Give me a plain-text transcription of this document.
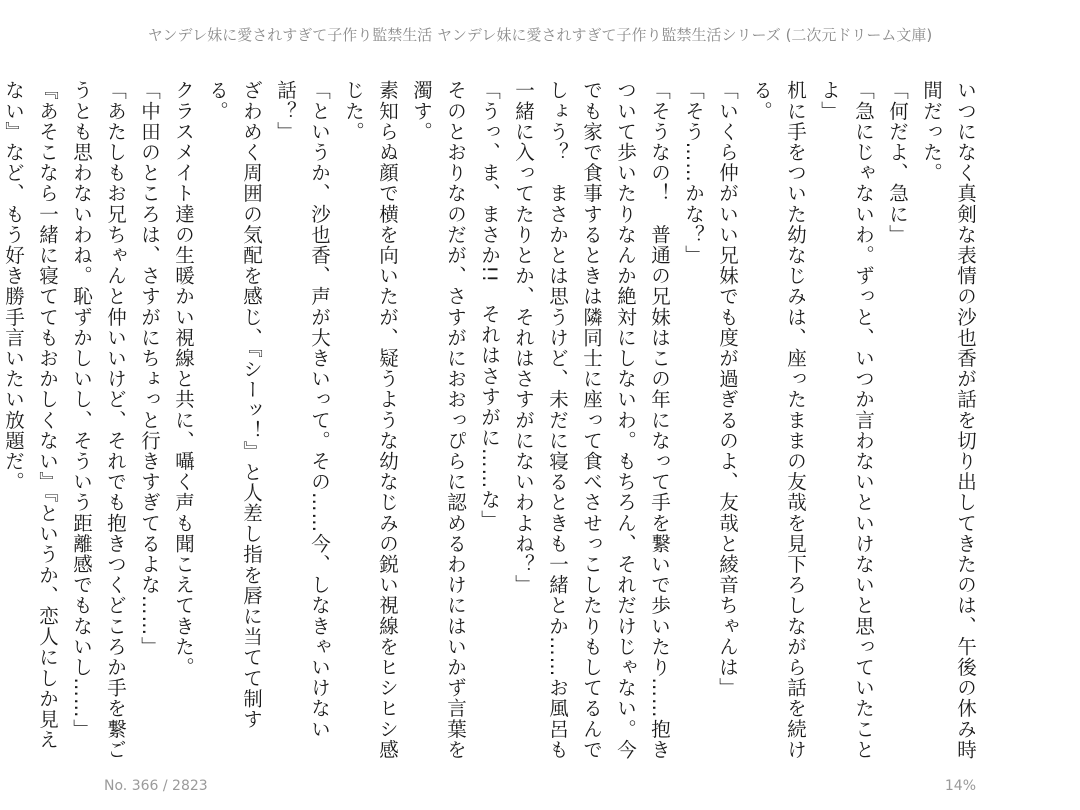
ヤンデレ妹に愛されすぎて子作り監禁生活 ヤンデレ妹に愛されすぎて子作り監禁生活シリーズ (二次元ドリーム文庫)

いつになく真剣な表情の沙也香が話を切り出してきたのは、午後の休み時間だった。

「何だよ、急に」

「急にじゃないわ。ずっと、いつか言わないといけないと思っていたことよ」

机に手をついた幼なじみは、座ったままの友哉を見下ろしながら話を続ける。

「いくら仲がいい兄妹でも度が過ぎるのよ、友哉と綾音ちゃんは」

「そう……かな？」

「そうなの！　普通の兄妹はこの年になって手を繋いで歩いたり……抱きついて歩いたりなんか絶対にしないわ。もちろん、それだけじゃない。今でも家で食事するときは隣同士に座って食べさせっこしたりもしてるんでしょう？　まさかとは思うけど、未だに寝るときも一緒とか……お風呂も一緒に入ってたりとか、それはさすがにないわよね？」

「うっ、ま、まさか!!　それはさすがに……な」

そのとおりなのだが、さすがにおおっぴらに認めるわけにはいかず言葉を濁す。

素知らぬ顔で横を向いたが、疑うような幼なじみの鋭い視線をヒシヒシ感じた。

「というか、沙也香、声が大きいって。その……今、しなきゃいけない話？」

ざわめく周囲の気配を感じ、『シーッ！』と人差し指を唇に当てて制する。

クラスメイト達の生暖かい視線と共に、囁く声も聞こえてきた。

「中田のところは、さすがにちょっと行きすぎてるよな……」

「あたしもお兄ちゃんと仲いいけど、それでも抱きつくどころか手を繋ごうとも思わないわね。恥ずかしいし、そういう距離感でもないし……」

『あそこなら一緒に寝ててもおかしくない』『というか、恋人にしか見えない』など、もう好き勝手言いたい放題だ。

No. 366 / 2823	14%
